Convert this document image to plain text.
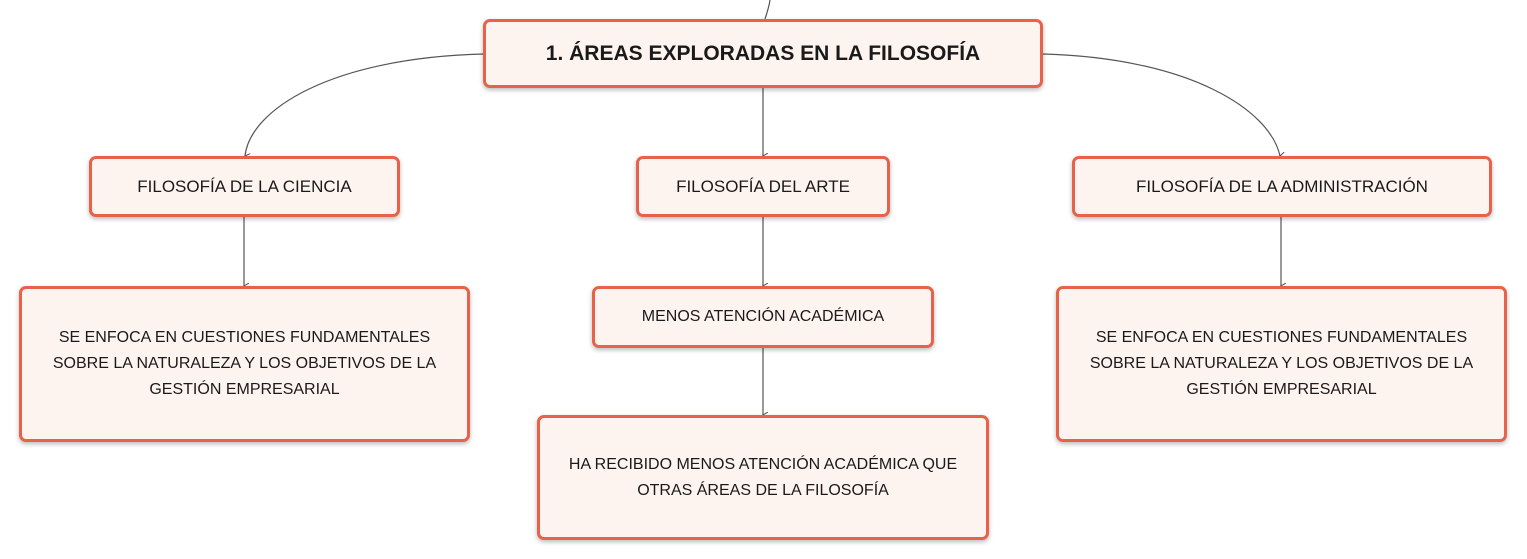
1. ÁREAS EXPLORADAS EN LA FILOSOFÍA
FILOSOFÍA DE LA CIENCIA	FILOSOFÍA DEL ARTE	FILOSOFÍA DE LA ADMINISTRACIÓN
SE ENFOCA EN CUESTIONES FUNDAMENTALES SOBRE LA NATURALEZA Y LOS OBJETIVOS DE LA GESTIÓN EMPRESARIAL
MENOS ATENCIÓN ACADÉMICA
HA RECIBIDO MENOS ATENCIÓN ACADÉMICA QUE OTRAS ÁREAS DE LA FILOSOFÍA
SE ENFOCA EN CUESTIONES FUNDAMENTALES SOBRE LA NATURALEZA Y LOS OBJETIVOS DE LA GESTIÓN EMPRESARIAL
